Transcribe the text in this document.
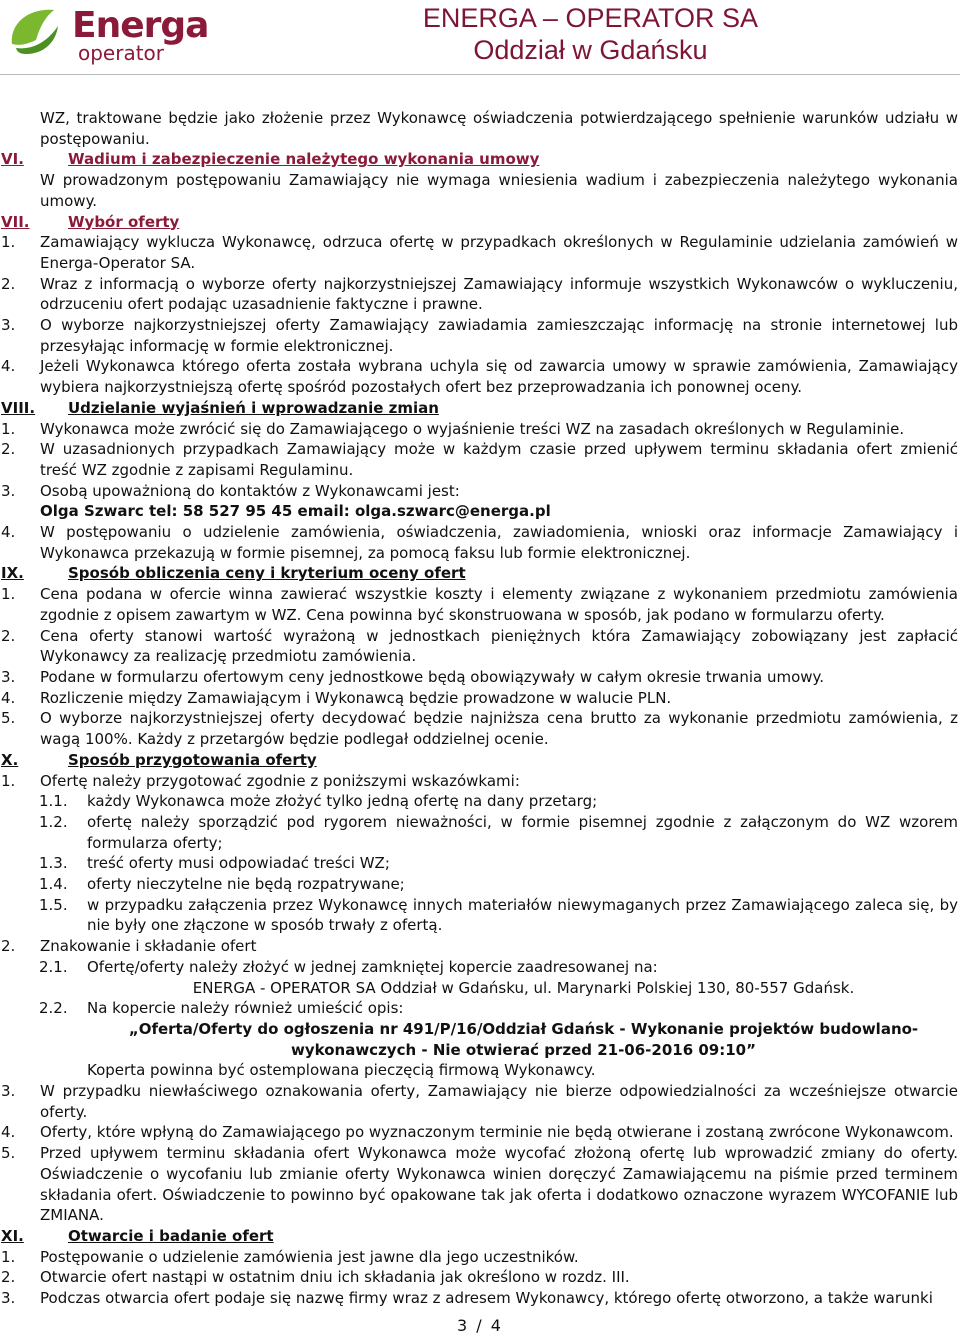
Energa
operator
ENERGA – OPERATOR SA
Oddział w Gdańsku
WZ, traktowane będzie jako złożenie przez Wykonawcę oświadczenia potwierdzającego spełnienie warunków udziału w postępowaniu.
VI.	Wadium i zabezpieczenie należytego wykonania umowy
W prowadzonym postępowaniu Zamawiający nie wymaga wniesienia wadium i zabezpieczenia należytego wykonania umowy.
VII.	Wybór oferty
1.	Zamawiający wyklucza Wykonawcę, odrzuca ofertę w przypadkach określonych w Regulaminie udzielania zamówień w Energa-Operator SA.
2.	Wraz z informacją o wyborze oferty najkorzystniejszej Zamawiający informuje wszystkich Wykonawców o wykluczeniu, odrzuceniu ofert podając uzasadnienie faktyczne i prawne.
3.	O wyborze najkorzystniejszej oferty Zamawiający zawiadamia zamieszczając informację na stronie internetowej lub przesyłając informację w formie elektronicznej.
4.	Jeżeli Wykonawca którego oferta została wybrana uchyla się od zawarcia umowy w sprawie zamówienia, Zamawiający wybiera najkorzystniejszą ofertę spośród pozostałych ofert bez przeprowadzania ich ponownej oceny.
VIII.	Udzielanie wyjaśnień i wprowadzanie zmian
1.	Wykonawca może zwrócić się do Zamawiającego o wyjaśnienie treści WZ na zasadach określonych w Regulaminie.
2.	W uzasadnionych przypadkach Zamawiający może w każdym czasie przed upływem terminu składania ofert zmienić treść WZ zgodnie z zapisami Regulaminu.
3.	Osobą upoważnioną do kontaktów z Wykonawcami jest:
Olga Szwarc tel: 58 527 95 45 email: olga.szwarc@energa.pl
4.	W postępowaniu o udzielenie zamówienia, oświadczenia, zawiadomienia, wnioski oraz informacje Zamawiający i Wykonawca przekazują w formie pisemnej, za pomocą faksu lub formie elektronicznej.
IX.	Sposób obliczenia ceny i kryterium oceny ofert
1.	Cena podana w ofercie winna zawierać wszystkie koszty i elementy związane z wykonaniem przedmiotu zamówienia zgodnie z opisem zawartym w WZ. Cena powinna być skonstruowana w sposób, jak podano w formularzu oferty.
2.	Cena oferty stanowi wartość wyrażoną w jednostkach pieniężnych która Zamawiający zobowiązany jest zapłacić Wykonawcy za realizację przedmiotu zamówienia.
3.	Podane w formularzu ofertowym ceny jednostkowe będą obowiązywały w całym okresie trwania umowy.
4.	Rozliczenie między Zamawiającym i Wykonawcą będzie prowadzone w walucie PLN.
5.	O wyborze najkorzystniejszej oferty decydować będzie najniższa cena brutto za wykonanie przedmiotu zamówienia, z wagą 100%. Każdy z przetargów będzie podlegał oddzielnej ocenie.
X.	Sposób przygotowania oferty
1.	Ofertę należy przygotować zgodnie z poniższymi wskazówkami:
1.1.	każdy Wykonawca może złożyć tylko jedną ofertę na dany przetarg;
1.2.	ofertę należy sporządzić pod rygorem nieważności, w formie pisemnej zgodnie z załączonym do WZ wzorem formularza oferty;
1.3.	treść oferty musi odpowiadać treści WZ;
1.4.	oferty nieczytelne nie będą rozpatrywane;
1.5.	w przypadku załączenia przez Wykonawcę innych materiałów niewymaganych przez Zamawiającego zaleca się, by nie były one złączone w sposób trwały z ofertą.
2.	Znakowanie i składanie ofert
2.1.	Ofertę/oferty należy złożyć w jednej zamkniętej kopercie zaadresowanej na:
ENERGA - OPERATOR SA Oddział w Gdańsku, ul. Marynarki Polskiej 130, 80-557 Gdańsk.
2.2.	Na kopercie należy również umieścić opis:
„Oferta/Oferty do ogłoszenia nr 491/P/16/Oddział Gdańsk - Wykonanie projektów budowlano-
wykonawczych - Nie otwierać przed 21-06-2016 09:10”
Koperta powinna być ostemplowana pieczęcią firmową Wykonawcy.
3.	W przypadku niewłaściwego oznakowania oferty, Zamawiający nie bierze odpowiedzialności za wcześniejsze otwarcie oferty.
4.	Oferty, które wpłyną do Zamawiającego po wyznaczonym terminie nie będą otwierane i zostaną zwrócone Wykonawcom.
5.	Przed upływem terminu składania ofert Wykonawca może wycofać złożoną ofertę lub wprowadzić zmiany do oferty. Oświadczenie o wycofaniu lub zmianie oferty Wykonawca winien doręczyć Zamawiającemu na piśmie przed terminem składania ofert. Oświadczenie to powinno być opakowane tak jak oferta i dodatkowo oznaczone wyrazem WYCOFANIE lub ZMIANA.
XI.	Otwarcie i badanie ofert
1.	Postępowanie o udzielenie zamówienia jest jawne dla jego uczestników.
2.	Otwarcie ofert nastąpi w ostatnim dniu ich składania jak określono w rozdz. III.
3.	Podczas otwarcia ofert podaje się nazwę firmy wraz z adresem Wykonawcy, którego ofertę otworzono, a także warunki
3 / 4
